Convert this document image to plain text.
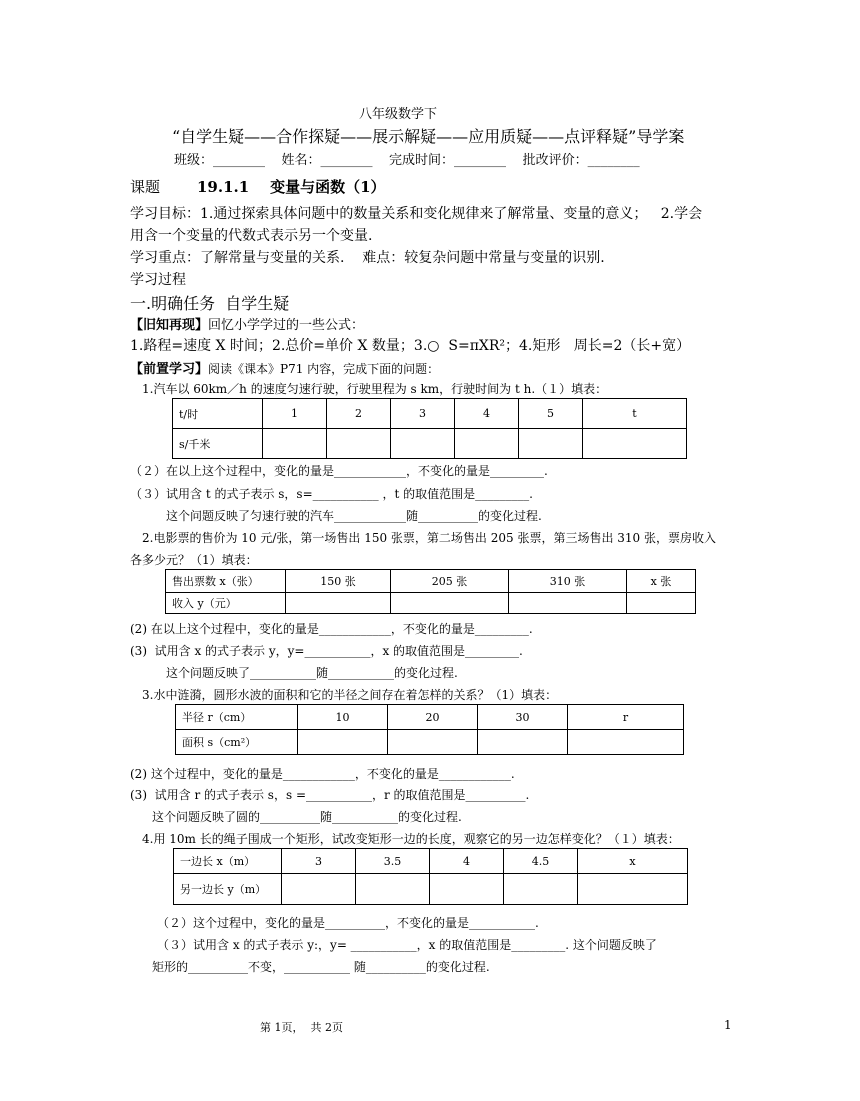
八年级数学下
“自学生疑——合作探疑——展示解疑——应用质疑——点评释疑”导学案
班级：________    姓名：________    完成时间：________    批改评价：________
课题 19.1.1    变量与函数（1）
学习目标：1.通过探索具体问题中的数量关系和变化规律来了解常量、变量的意义；   2.学会
用含一个变量的代数式表示另一个变量.
学习重点：了解常量与变量的关系.    难点：较复杂问题中常量与变量的识别.
学习过程
一.明确任务  自学生疑
【旧知再现】回忆小学学过的一些公式：
1.路程=速度 X 时间；2.总价=单价 X 数量；3.○  S=πXR²；4.矩形   周长=2（长+宽）
【前置学习】阅读《课本》P71 内容，完成下面的问题：
1.汽车以 60km／h 的速度匀速行驶，行驶里程为 s km，行驶时间为 t h.（１）填表：
t/时	1	2	3	4	5	t
s/千米						
（２）在以上这个过程中，变化的量是____________，不变化的量是_________.
（３）试用含 t 的式子表示 s，s=___________ ，t 的取值范围是_________.
这个问题反映了匀速行驶的汽车____________随__________的变化过程.
2.电影票的售价为 10 元/张，第一场售出 150 张票，第二场售出 205 张票，第三场售出 310 张，票房收入
各多少元？（1）填表：
售出票数 x（张）	150 张	205 张	310 张	x 张
收入 y（元）				
(2) 在以上这个过程中，变化的量是____________，不变化的量是_________.
(3)  试用含 x 的式子表示 y，y=___________，x 的取值范围是_________.
这个问题反映了___________随___________的变化过程.
3.水中涟漪，圆形水波的面积和它的半径之间存在着怎样的关系？（1）填表：
半径 r（cm）	10	20	30	r
面积 s（cm²）				
(2) 这个过程中，变化的量是____________，不变化的量是____________.
(3)  试用含 r 的式子表示 s，s =___________，r 的取值范围是__________.
这个问题反映了圆的__________随___________的变化过程.
4.用 10m 长的绳子围成一个矩形，试改变矩形一边的长度，观察它的另一边怎样变化？（１）填表：
一边长 x（m）	3	3.5	4	4.5	x
另一边长 y（m）					
（２）这个过程中，变化的量是__________，不变化的量是___________.
（３）试用含 x 的式子表示 y:，y= ___________，x 的取值范围是_________. 这个问题反映了
矩形的__________不变，___________ 随__________的变化过程.
第 1页，  共 2页	1
